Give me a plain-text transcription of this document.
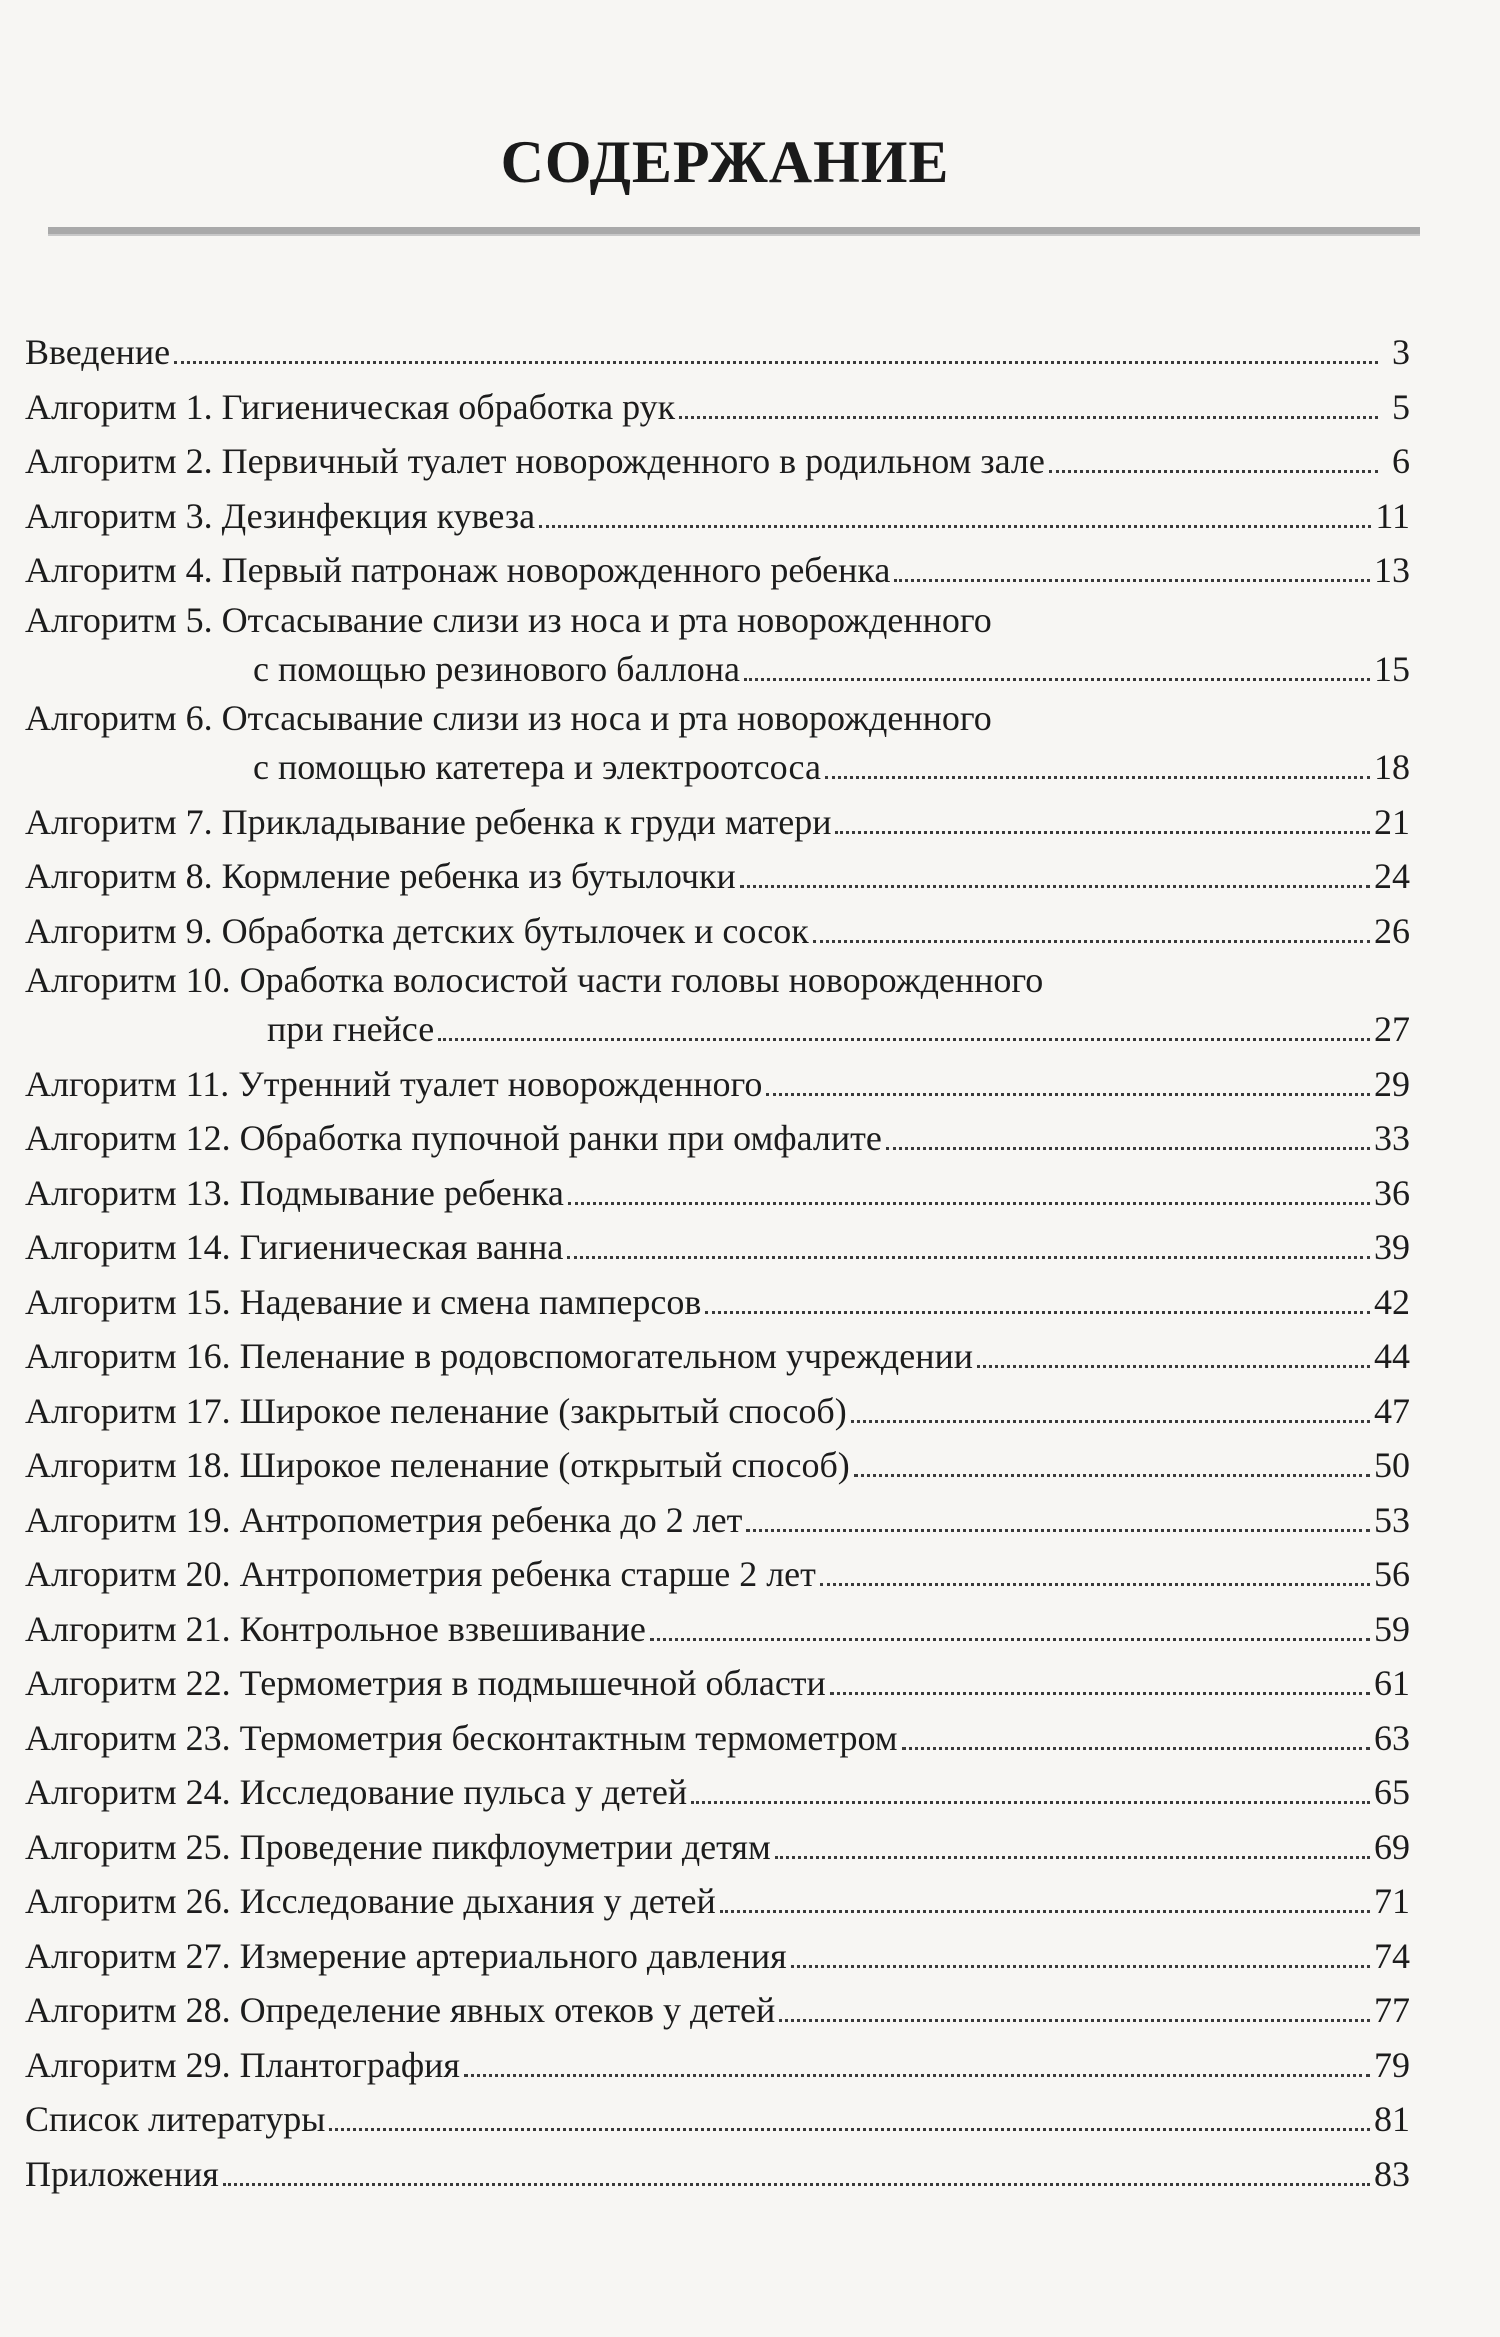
СОДЕРЖАНИЕ
Введение	3
Алгоритм 1. Гигиеническая обработка рук	5
Алгоритм 2. Первичный туалет новорожденного в родильном зале	6
Алгоритм 3. Дезинфекция кувеза	11
Алгоритм 4. Первый патронаж новорожденного ребенка	13
Алгоритм 5. Отсасывание слизи из носа и рта новорожденного
с помощью резинового баллона	15
Алгоритм 6. Отсасывание слизи из носа и рта новорожденного
с помощью катетера и электроотсоса	18
Алгоритм 7. Прикладывание ребенка к груди матери	21
Алгоритм 8. Кормление ребенка из бутылочки	24
Алгоритм 9. Обработка детских бутылочек и сосок	26
Алгоритм 10. Оработка волосистой части головы новорожденного
при гнейсе	27
Алгоритм 11. Утренний туалет новорожденного	29
Алгоритм 12. Обработка пупочной ранки при омфалите	33
Алгоритм 13. Подмывание ребенка	36
Алгоритм 14. Гигиеническая ванна	39
Алгоритм 15. Надевание и смена памперсов	42
Алгоритм 16. Пеленание в родовспомогательном учреждении	44
Алгоритм 17. Широкое пеленание (закрытый способ)	47
Алгоритм 18. Широкое пеленание (открытый способ)	50
Алгоритм 19. Антропометрия ребенка до 2 лет	53
Алгоритм 20. Антропометрия ребенка старше 2 лет	56
Алгоритм 21. Контрольное взвешивание	59
Алгоритм 22. Термометрия в подмышечной области	61
Алгоритм 23. Термометрия бесконтактным термометром	63
Алгоритм 24. Исследование пульса у детей	65
Алгоритм 25. Проведение пикфлоуметрии детям	69
Алгоритм 26. Исследование дыхания у детей	71
Алгоритм 27. Измерение артериального давления	74
Алгоритм 28. Определение явных отеков у детей	77
Алгоритм 29. Плантография	79
Список литературы	81
Приложения	83
